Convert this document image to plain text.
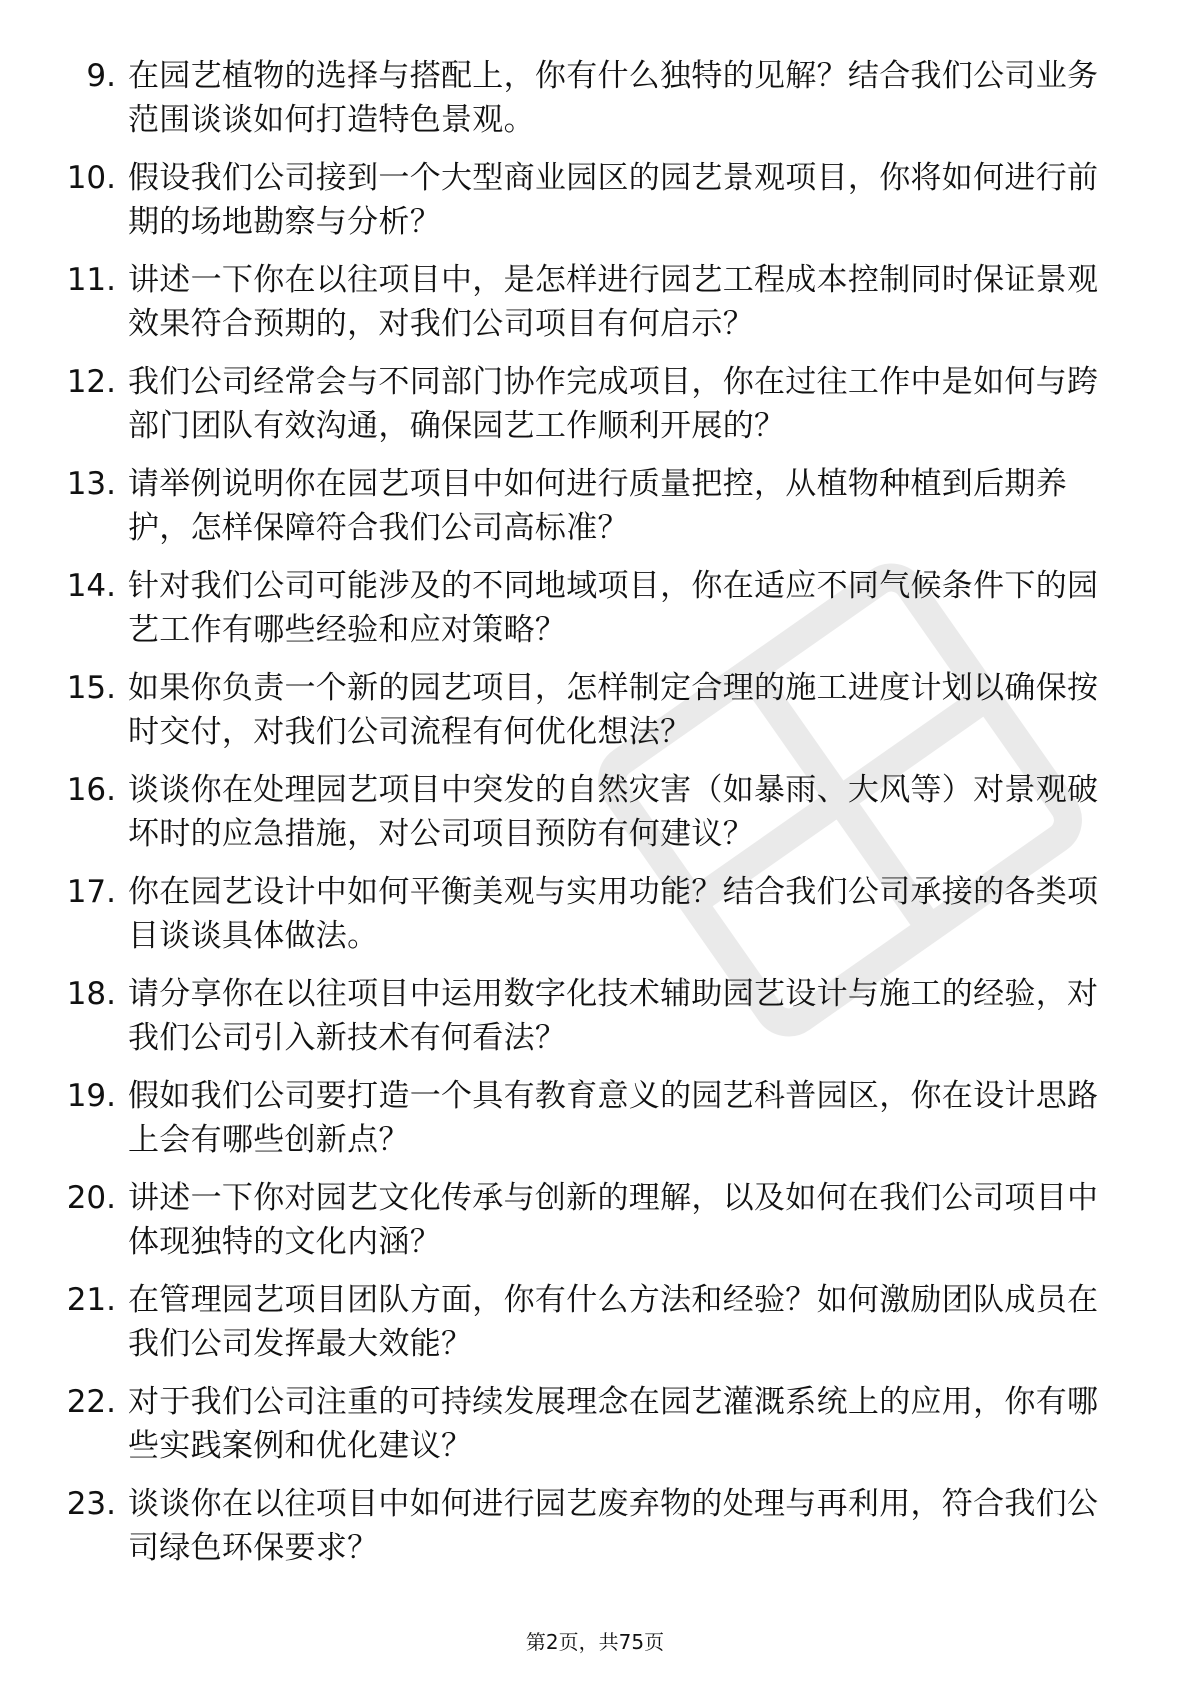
9. 在园艺植物的选择与搭配上，你有什么独特的见解？结合我们公司业务范围谈谈如何打造特色景观。
10. 假设我们公司接到一个大型商业园区的园艺景观项目，你将如何进行前期的场地勘察与分析？
11. 讲述一下你在以往项目中，是怎样进行园艺工程成本控制同时保证景观效果符合预期的，对我们公司项目有何启示？
12. 我们公司经常会与不同部门协作完成项目，你在过往工作中是如何与跨部门团队有效沟通，确保园艺工作顺利开展的？
13. 请举例说明你在园艺项目中如何进行质量把控，从植物种植到后期养护，怎样保障符合我们公司高标准？
14. 针对我们公司可能涉及的不同地域项目，你在适应不同气候条件下的园艺工作有哪些经验和应对策略？
15. 如果你负责一个新的园艺项目，怎样制定合理的施工进度计划以确保按时交付，对我们公司流程有何优化想法？
16. 谈谈你在处理园艺项目中突发的自然灾害（如暴雨、大风等）对景观破坏时的应急措施，对公司项目预防有何建议？
17. 你在园艺设计中如何平衡美观与实用功能？结合我们公司承接的各类项目谈谈具体做法。
18. 请分享你在以往项目中运用数字化技术辅助园艺设计与施工的经验，对我们公司引入新技术有何看法？
19. 假如我们公司要打造一个具有教育意义的园艺科普园区，你在设计思路上会有哪些创新点？
20. 讲述一下你对园艺文化传承与创新的理解，以及如何在我们公司项目中体现独特的文化内涵？
21. 在管理园艺项目团队方面，你有什么方法和经验？如何激励团队成员在我们公司发挥最大效能？
22. 对于我们公司注重的可持续发展理念在园艺灌溉系统上的应用，你有哪些实践案例和优化建议？
23. 谈谈你在以往项目中如何进行园艺废弃物的处理与再利用，符合我们公司绿色环保要求？
第2页，共75页
